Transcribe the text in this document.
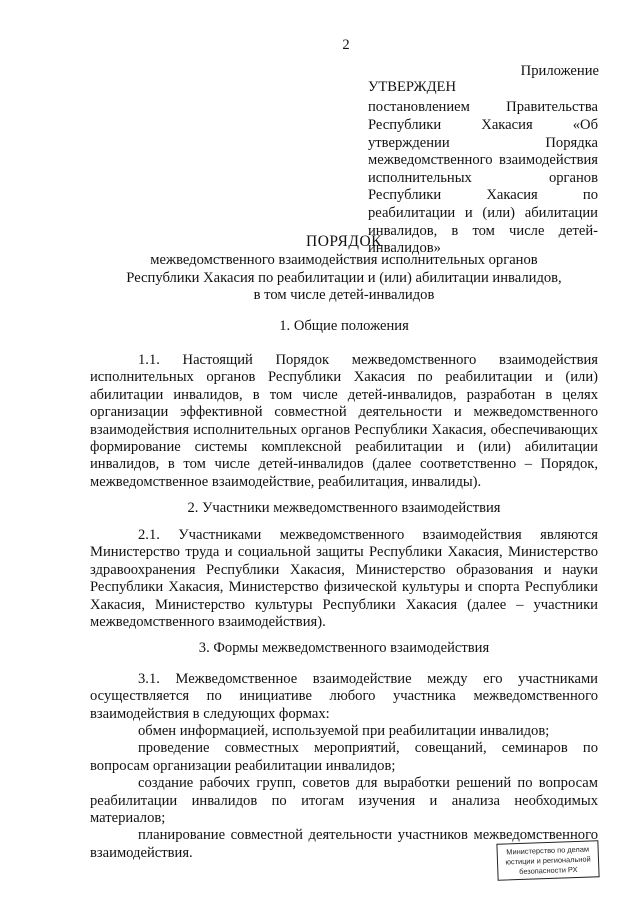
2
Приложение
УТВЕРЖДЕН
постановлением Правительства Республики Хакасия «Об утверждении Порядка межведомственного взаимодействия исполнительных органов Республики Хакасия по реабилитации и (или) абилитации инвалидов, в том числе детей-инвалидов»
ПОРЯДОК
межведомственного взаимодействия исполнительных органов
Республики Хакасия по реабилитации и (или) абилитации инвалидов,
в том числе детей-инвалидов
1. Общие положения
1.1. Настоящий Порядок межведомственного взаимодействия исполнительных органов Республики Хакасия по реабилитации и (или) абилитации инвалидов, в том числе детей-инвалидов, разработан в целях организации эффективной совместной деятельности и межведомственного взаимодействия исполнительных органов Республики Хакасия, обеспечивающих формирование системы комплексной реабилитации и (или) абилитации инвалидов, в том числе детей-инвалидов (далее соответственно – Порядок, межведомственное взаимодействие, реабилитация, инвалиды).
2. Участники межведомственного взаимодействия
2.1. Участниками межведомственного взаимодействия являются Министерство труда и социальной защиты Республики Хакасия, Министерство здравоохранения Республики Хакасия, Министерство образования и науки Республики Хакасия, Министерство физической культуры и спорта Республики Хакасия, Министерство культуры Республики Хакасия (далее – участники межведомственного взаимодействия).
3. Формы межведомственного взаимодействия
3.1. Межведомственное взаимодействие между его участниками осуществляется по инициативе любого участника межведомственного взаимодействия в следующих формах:
обмен информацией, используемой при реабилитации инвалидов;
проведение совместных мероприятий, совещаний, семинаров по вопросам организации реабилитации инвалидов;
создание рабочих групп, советов для выработки решений по вопросам реабилитации инвалидов по итогам изучения и анализа необходимых материалов;
планирование совместной деятельности участников межведомственного взаимодействия.	Министерство по делам
юстиции и региональной
безопасности РХ
